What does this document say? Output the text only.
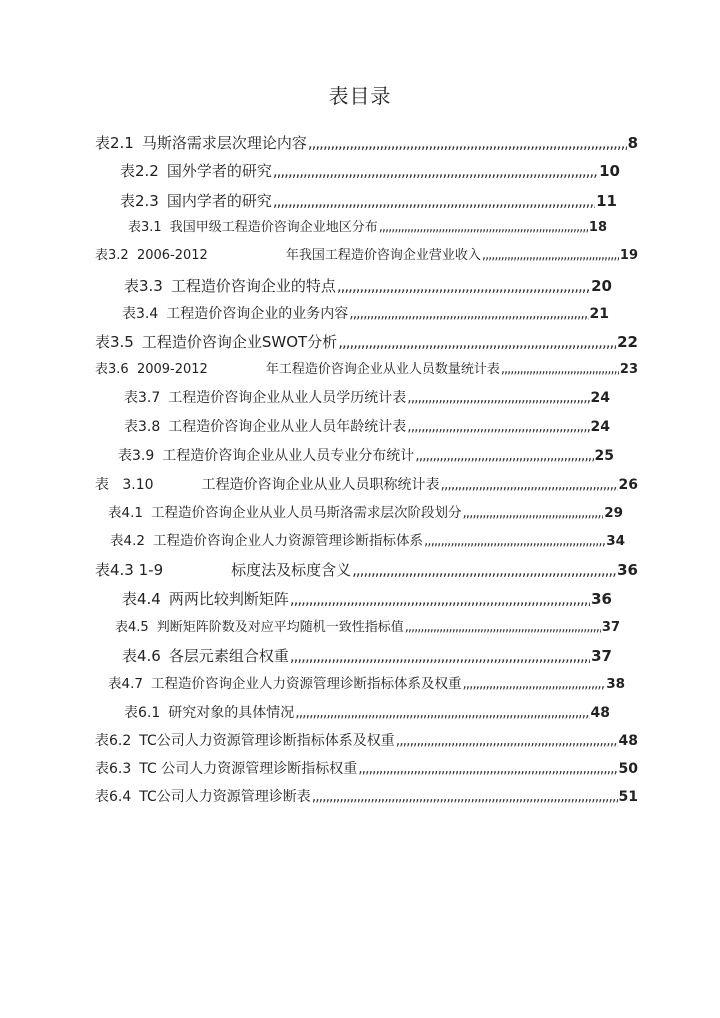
表目录
表2.1 马斯洛需求层次理论内容 ,,,,,,,,,,,,,,,,,,,,,,,,,,,,,,,,,,,,,,,,,,,,,,,,,,,,,,,,,,,,,,,,,,,,,,,,,,,,,,,,,,,,,,,,,,,,,,,,,,,,,,,,,,,,,,,,,,,,,,,,,,,,,,,,,,,,,,	8
表2.2 国外学者的研究 ,,,,,,,,,,,,,,,,,,,,,,,,,,,,,,,,,,,,,,,,,,,,,,,,,,,,,,,,,,,,,,,,,,,,,,,,,,,,,,,,,,,,,,,,,,,,,,,,,,,,,,,,,,,,,,,,,,,,,,,,,,,,,,,,,,,,,,	10
表2.3 国内学者的研究 ,,,,,,,,,,,,,,,,,,,,,,,,,,,,,,,,,,,,,,,,,,,,,,,,,,,,,,,,,,,,,,,,,,,,,,,,,,,,,,,,,,,,,,,,,,,,,,,,,,,,,,,,,,,,,,,,,,,,,,,,,,,,,,,,,,,,,,	11
表3.1 我国甲级工程造价咨询企业地区分布 ,,,,,,,,,,,,,,,,,,,,,,,,,,,,,,,,,,,,,,,,,,,,,,,,,,,,,,,,,,,,,,,,,,,,,,,,,,,,,,,,,,,,,,,,,,,,,,,,,,,,,,,,,,,,,,,,,,,,,,,,,,,,,,,,,,,,,,	18
表3.2  2006-2012	年我国工程造价咨询企业营业收入 ,,,,,,,,,,,,,,,,,,,,,,,,,,,,,,,,,,,,,,,,,,,,,,,,,,,,,,,,,,,,,,,,,,,,,,,,,,,,,,,,,,,,,,,,,,,,,,,,,,,,,,,,,,,,,,,,,,,,,,,,,,,,,,,,,,,,,,	19
表3.3 工程造价咨询企业的特点 ,,,,,,,,,,,,,,,,,,,,,,,,,,,,,,,,,,,,,,,,,,,,,,,,,,,,,,,,,,,,,,,,,,,,,,,,,,,,,,,,,,,,,,,,,,,,,,,,,,,,,,,,,,,,,,,,,,,,,,,,,,,,,,,,,,,,,,	20
表3.4 工程造价咨询企业的业务内容 ,,,,,,,,,,,,,,,,,,,,,,,,,,,,,,,,,,,,,,,,,,,,,,,,,,,,,,,,,,,,,,,,,,,,,,,,,,,,,,,,,,,,,,,,,,,,,,,,,,,,,,,,,,,,,,,,,,,,,,,,,,,,,,,,,,,,,,	21
表3.5 工程造价咨询企业SWOT分析 ,,,,,,,,,,,,,,,,,,,,,,,,,,,,,,,,,,,,,,,,,,,,,,,,,,,,,,,,,,,,,,,,,,,,,,,,,,,,,,,,,,,,,,,,,,,,,,,,,,,,,,,,,,,,,,,,,,,,,,,,,,,,,,,,,,,,,,	22
表3.6  2009-2012	年工程造价咨询企业从业人员数量统计表 ,,,,,,,,,,,,,,,,,,,,,,,,,,,,,,,,,,,,,,,,,,,,,,,,,,,,,,,,,,,,,,,,,,,,,,,,,,,,,,,,,,,,,,,,,,,,,,,,,,,,,,,,,,,,,,,,,,,,,,,,,,,,,,,,,,,,,,	23
表3.7 工程造价咨询企业从业人员学历统计表 ,,,,,,,,,,,,,,,,,,,,,,,,,,,,,,,,,,,,,,,,,,,,,,,,,,,,,,,,,,,,,,,,,,,,,,,,,,,,,,,,,,,,,,,,,,,,,,,,,,,,,,,,,,,,,,,,,,,,,,,,,,,,,,,,,,,,,,	24
表3.8 工程造价咨询企业从业人员年龄统计表 ,,,,,,,,,,,,,,,,,,,,,,,,,,,,,,,,,,,,,,,,,,,,,,,,,,,,,,,,,,,,,,,,,,,,,,,,,,,,,,,,,,,,,,,,,,,,,,,,,,,,,,,,,,,,,,,,,,,,,,,,,,,,,,,,,,,,,,	24
表3.9 工程造价咨询企业从业人员专业分布统计 ,,,,,,,,,,,,,,,,,,,,,,,,,,,,,,,,,,,,,,,,,,,,,,,,,,,,,,,,,,,,,,,,,,,,,,,,,,,,,,,,,,,,,,,,,,,,,,,,,,,,,,,,,,,,,,,,,,,,,,,,,,,,,,,,,,,,,,	25
表   3.10	工程造价咨询企业从业人员职称统计表 ,,,,,,,,,,,,,,,,,,,,,,,,,,,,,,,,,,,,,,,,,,,,,,,,,,,,,,,,,,,,,,,,,,,,,,,,,,,,,,,,,,,,,,,,,,,,,,,,,,,,,,,,,,,,,,,,,,,,,,,,,,,,,,,,,,,,,,	26
表4.1 工程造价咨询企业从业人员马斯洛需求层次阶段划分 ,,,,,,,,,,,,,,,,,,,,,,,,,,,,,,,,,,,,,,,,,,,,,,,,,,,,,,,,,,,,,,,,,,,,,,,,,,,,,,,,,,,,,,,,,,,,,,,,,,,,,,,,,,,,,,,,,,,,,,,,,,,,,,,,,,,,,,	29
表4.2 工程造价咨询企业人力资源管理诊断指标体系 ,,,,,,,,,,,,,,,,,,,,,,,,,,,,,,,,,,,,,,,,,,,,,,,,,,,,,,,,,,,,,,,,,,,,,,,,,,,,,,,,,,,,,,,,,,,,,,,,,,,,,,,,,,,,,,,,,,,,,,,,,,,,,,,,,,,,,,	34
表4.3 1-9	标度法及标度含义 ,,,,,,,,,,,,,,,,,,,,,,,,,,,,,,,,,,,,,,,,,,,,,,,,,,,,,,,,,,,,,,,,,,,,,,,,,,,,,,,,,,,,,,,,,,,,,,,,,,,,,,,,,,,,,,,,,,,,,,,,,,,,,,,,,,,,,,	36
表4.4 两两比较判断矩阵 ,,,,,,,,,,,,,,,,,,,,,,,,,,,,,,,,,,,,,,,,,,,,,,,,,,,,,,,,,,,,,,,,,,,,,,,,,,,,,,,,,,,,,,,,,,,,,,,,,,,,,,,,,,,,,,,,,,,,,,,,,,,,,,,,,,,,,,	36
表4.5 判断矩阵阶数及对应平均随机一致性指标值 ,,,,,,,,,,,,,,,,,,,,,,,,,,,,,,,,,,,,,,,,,,,,,,,,,,,,,,,,,,,,,,,,,,,,,,,,,,,,,,,,,,,,,,,,,,,,,,,,,,,,,,,,,,,,,,,,,,,,,,,,,,,,,,,,,,,,,,	37
表4.6 各层元素组合权重 ,,,,,,,,,,,,,,,,,,,,,,,,,,,,,,,,,,,,,,,,,,,,,,,,,,,,,,,,,,,,,,,,,,,,,,,,,,,,,,,,,,,,,,,,,,,,,,,,,,,,,,,,,,,,,,,,,,,,,,,,,,,,,,,,,,,,,,	37
表4.7 工程造价咨询企业人力资源管理诊断指标体系及权重 ,,,,,,,,,,,,,,,,,,,,,,,,,,,,,,,,,,,,,,,,,,,,,,,,,,,,,,,,,,,,,,,,,,,,,,,,,,,,,,,,,,,,,,,,,,,,,,,,,,,,,,,,,,,,,,,,,,,,,,,,,,,,,,,,,,,,,,	38
表6.1 研究对象的具体情况 ,,,,,,,,,,,,,,,,,,,,,,,,,,,,,,,,,,,,,,,,,,,,,,,,,,,,,,,,,,,,,,,,,,,,,,,,,,,,,,,,,,,,,,,,,,,,,,,,,,,,,,,,,,,,,,,,,,,,,,,,,,,,,,,,,,,,,,	48
表6.2 TC公司人力资源管理诊断指标体系及权重 ,,,,,,,,,,,,,,,,,,,,,,,,,,,,,,,,,,,,,,,,,,,,,,,,,,,,,,,,,,,,,,,,,,,,,,,,,,,,,,,,,,,,,,,,,,,,,,,,,,,,,,,,,,,,,,,,,,,,,,,,,,,,,,,,,,,,,,	48
表6.3 TC 公司人力资源管理诊断指标权重 ,,,,,,,,,,,,,,,,,,,,,,,,,,,,,,,,,,,,,,,,,,,,,,,,,,,,,,,,,,,,,,,,,,,,,,,,,,,,,,,,,,,,,,,,,,,,,,,,,,,,,,,,,,,,,,,,,,,,,,,,,,,,,,,,,,,,,,	50
表6.4 TC公司人力资源管理诊断表 ,,,,,,,,,,,,,,,,,,,,,,,,,,,,,,,,,,,,,,,,,,,,,,,,,,,,,,,,,,,,,,,,,,,,,,,,,,,,,,,,,,,,,,,,,,,,,,,,,,,,,,,,,,,,,,,,,,,,,,,,,,,,,,,,,,,,,,	51
